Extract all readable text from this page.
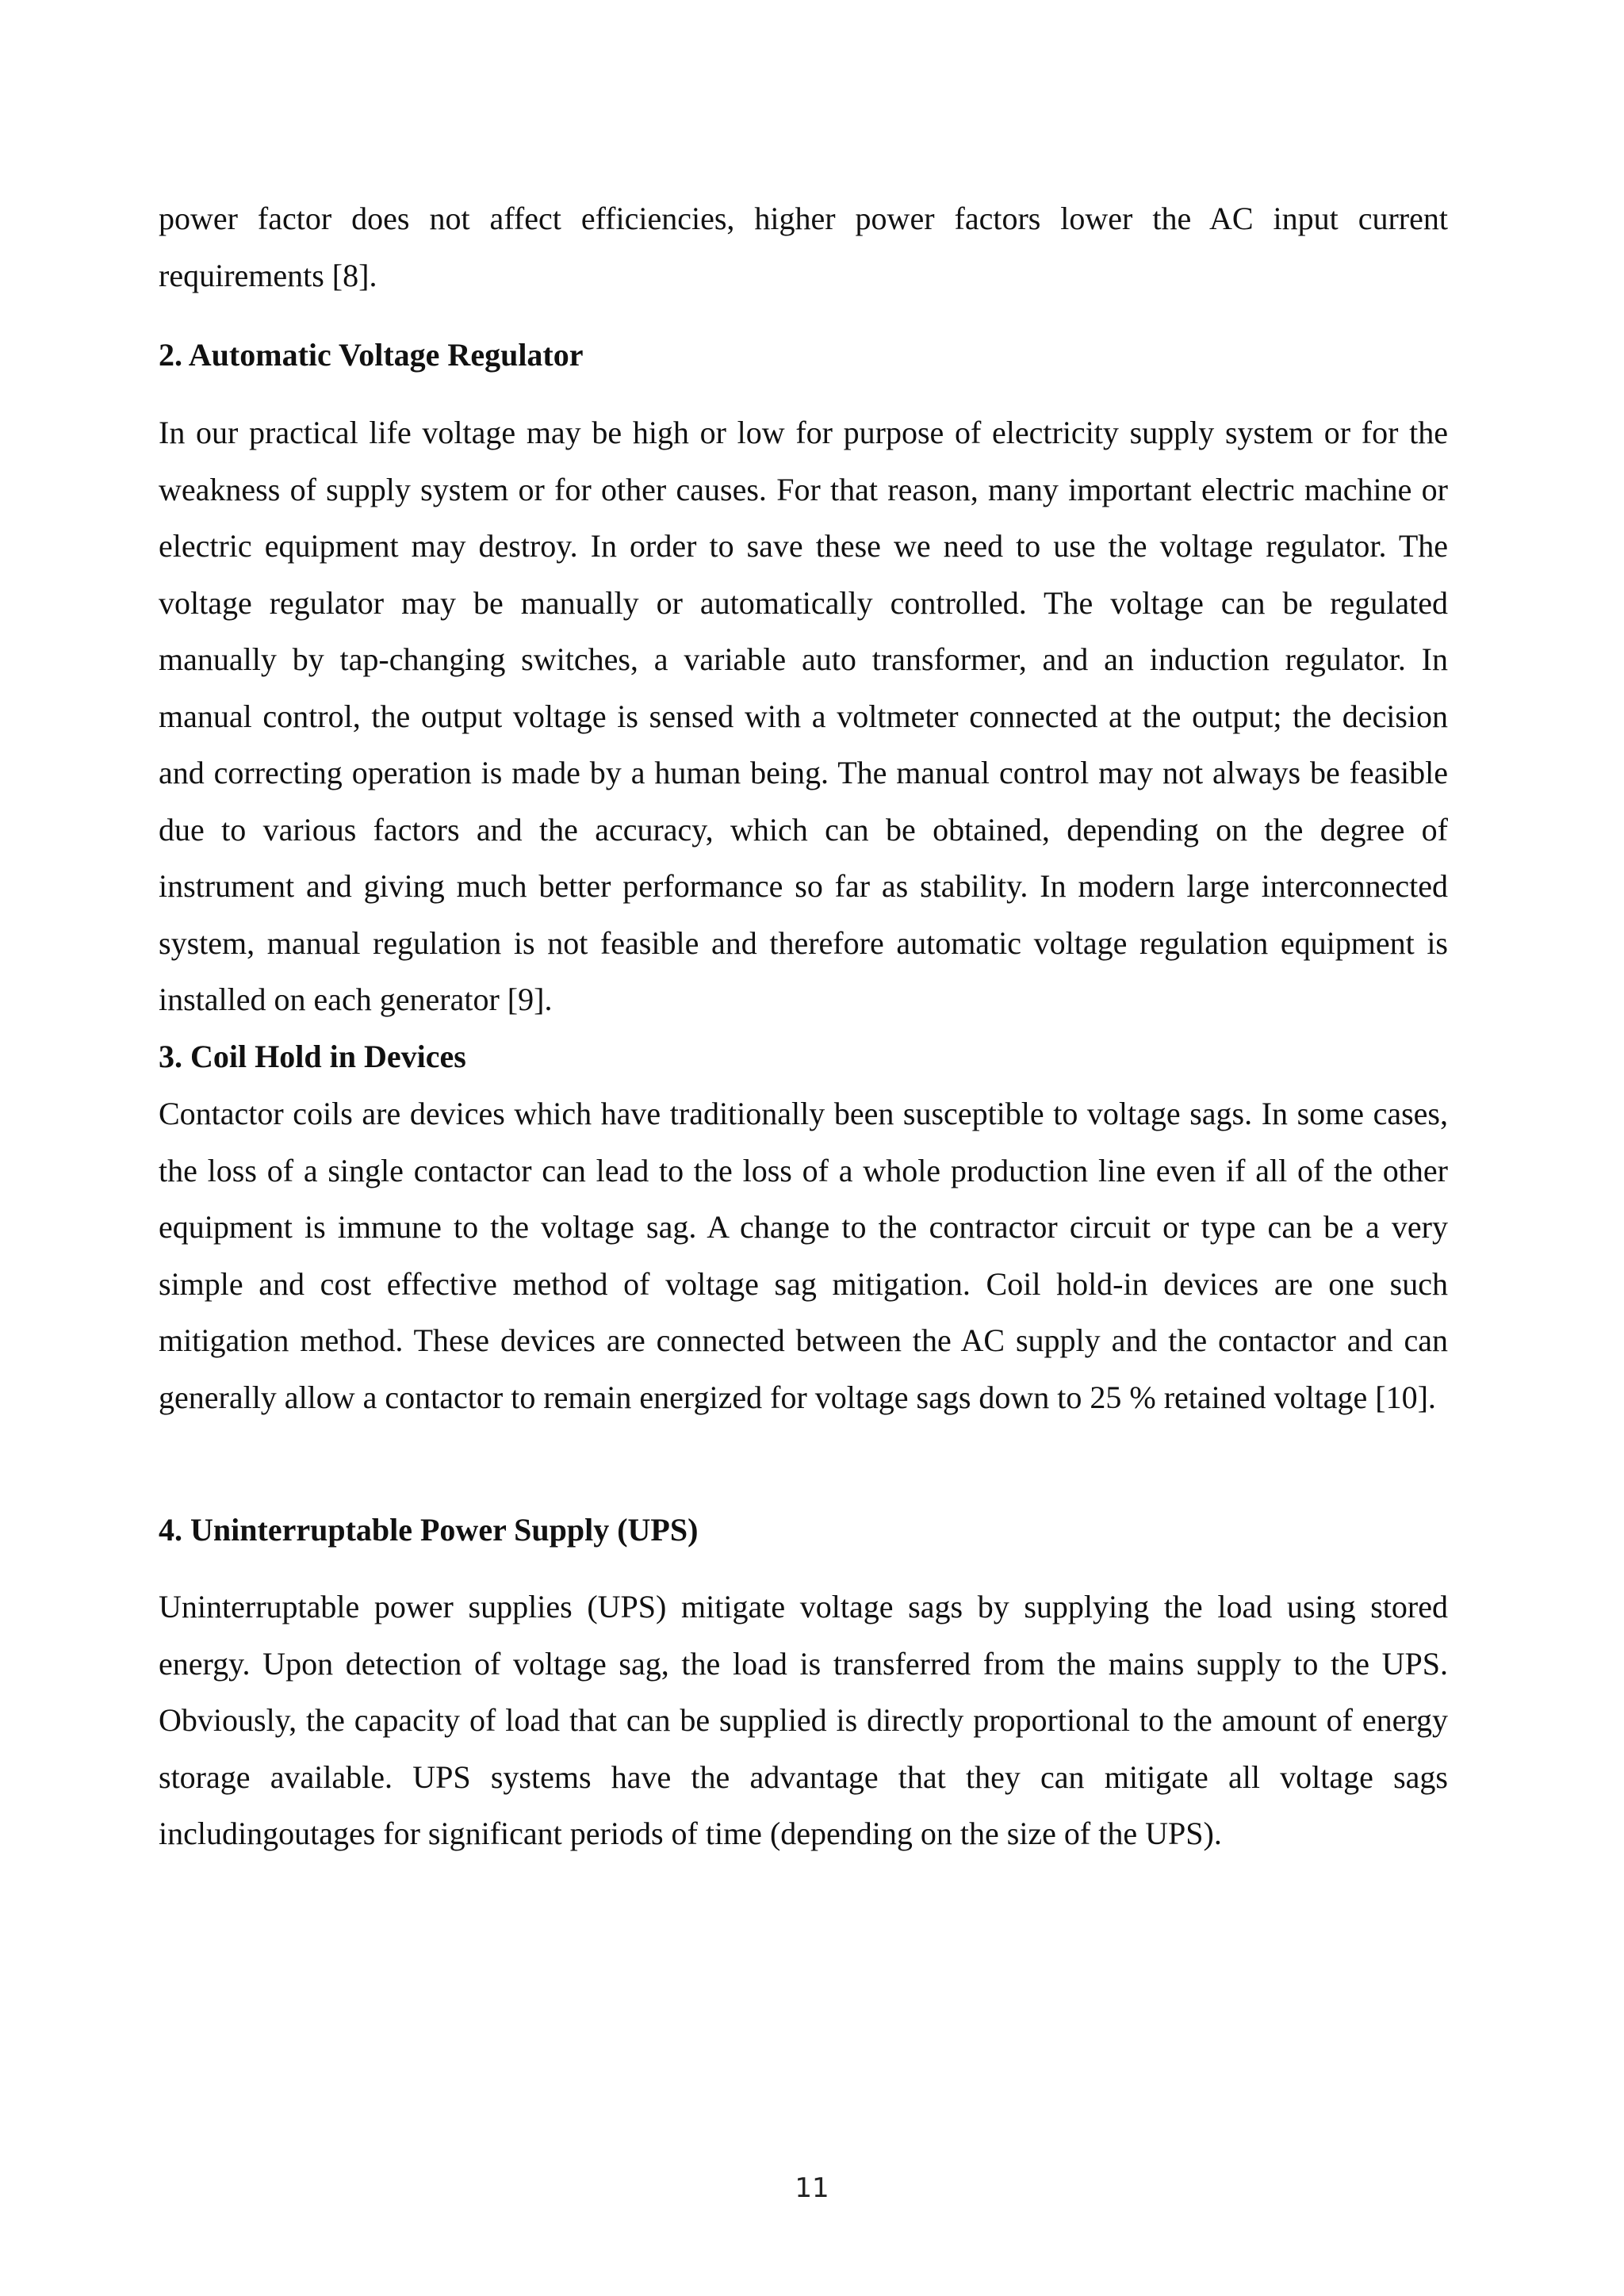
power factor does not affect efficiencies, higher power factors lower the AC input current requirements [8].

2. Automatic Voltage Regulator

In our practical life voltage may be high or low for purpose of electricity supply system or for the weakness of supply system or for other causes. For that reason, many important electric machine or electric equipment may destroy. In order to save these we need to use the voltage regulator. The voltage regulator may be manually or automatically controlled. The voltage can be regulated manually by tap-changing switches, a variable auto transformer, and an induction regulator. In manual control, the output voltage is sensed with a voltmeter connected at the output; the decision and correcting operation is made by a human being. The manual control may not always be feasible due to various factors and the accuracy, which can be obtained, depending on the degree of instrument and giving much better performance so far as stability. In modern large interconnected system, manual regulation is not feasible and therefore automatic voltage regulation equipment is installed on each generator [9].

3. Coil Hold in Devices

Contactor coils are devices which have traditionally been susceptible to voltage sags. In some cases, the loss of a single contactor can lead to the loss of a whole production line even if all of the other equipment is immune to the voltage sag. A change to the contractor circuit or type can be a very simple and cost effective method of voltage sag mitigation. Coil hold-in devices are one such mitigation method. These devices are connected between the AC supply and the contactor and can generally allow a contactor to remain energized for voltage sags down to 25 % retained voltage [10].

4. Uninterruptable Power Supply (UPS)

Uninterruptable power supplies (UPS) mitigate voltage sags by supplying the load using stored energy. Upon detection of voltage sag, the load is transferred from the mains supply to the UPS. Obviously, the capacity of load that can be supplied is directly proportional to the amount of energy storage available. UPS systems have the advantage that they can mitigate all voltage sags includingoutages for significant periods of time (depending on the size of the UPS).

11
